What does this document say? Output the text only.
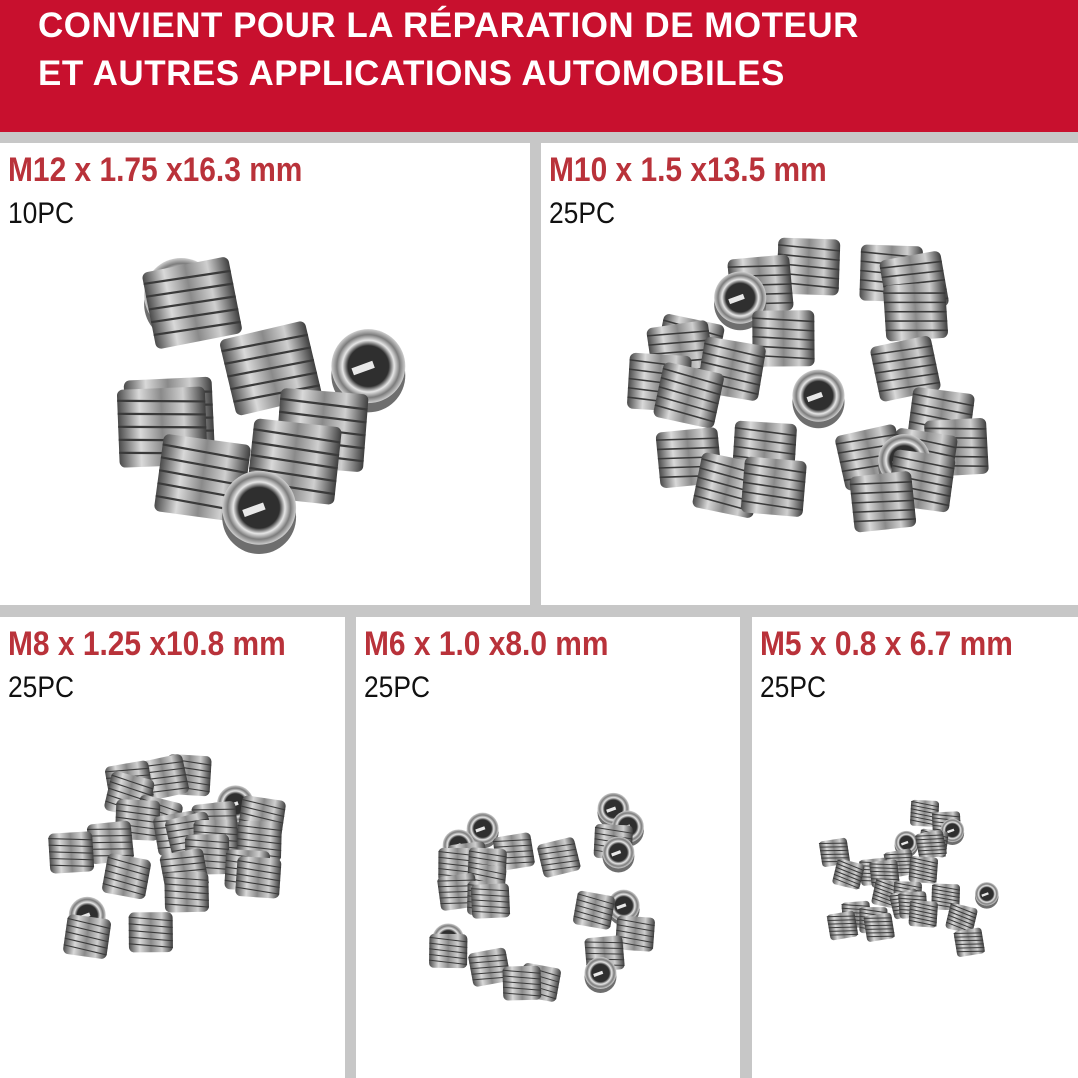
CONVIENT POUR LA RÉPARATION DE MOTEUR
ET AUTRES APPLICATIONS AUTOMOBILES
M12 x 1.75 x16.3 mm
10PC
M10 x 1.5 x13.5 mm
25PC
M8 x 1.25 x10.8 mm
25PC
M6 x 1.0 x8.0 mm
25PC
M5 x 0.8 x 6.7 mm
25PC
